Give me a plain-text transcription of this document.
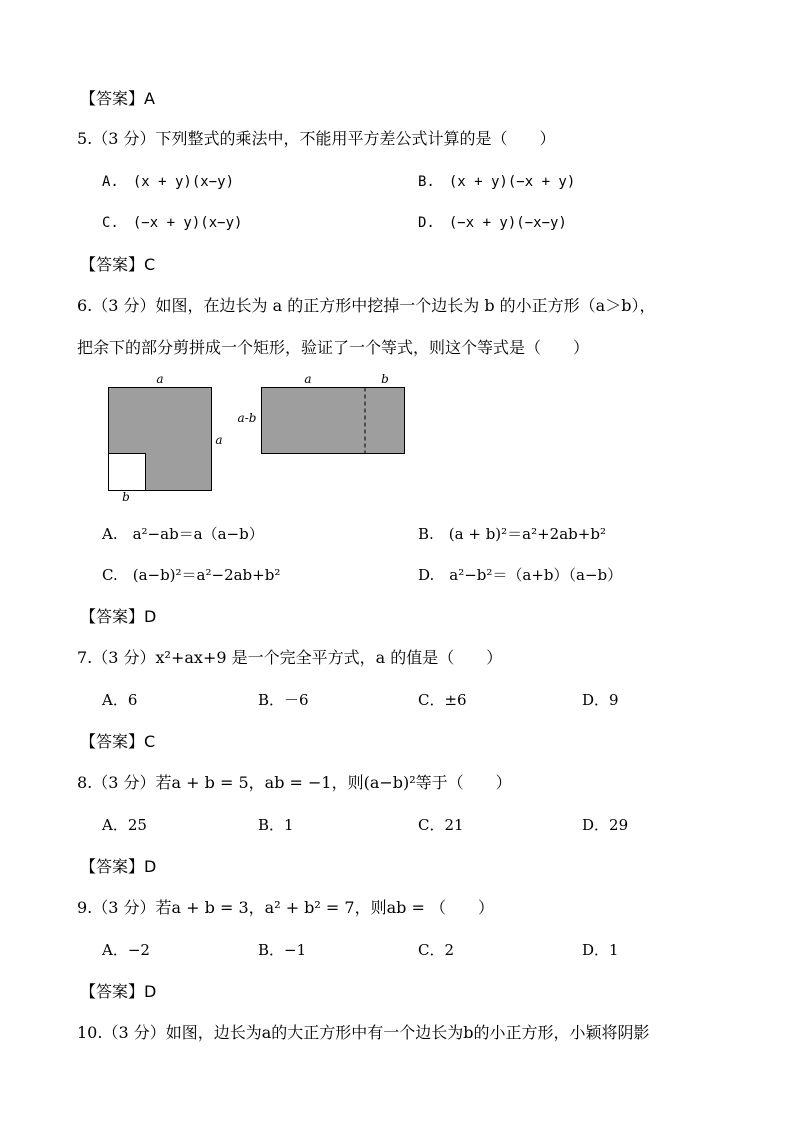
【答案】A
5.（3 分）下列整式的乘法中，不能用平方差公式计算的是（　　）
A.　(x + y)(x−y)	B.　(x + y)(−x + y)
C.　(−x + y)(x−y)	D.　(−x + y)(−x−y)
【答案】C
6.（3 分）如图，在边长为 a 的正方形中挖掉一个边长为 b 的小正方形（a＞b），
把余下的部分剪拼成一个矩形，验证了一个等式，则这个等式是（　　）
a
a
b
a	b
a-b
A.　a²−ab＝a（a−b）	B.　(a + b)²＝a²+2ab+b²
C.　(a−b)²＝a²−2ab+b²	D.　a²−b²＝（a+b）（a−b）
【答案】D
7.（3 分）x²+ax+9 是一个完全平方式，a 的值是（　　）
A．6	B．－6	C．±6	D．9
【答案】C
8.（3 分）若a + b = 5，ab = −1，则(a−b)²等于（　　）
A．25	B．1	C．21	D．29
【答案】D
9.（3 分）若a + b = 3，a² + b² = 7，则ab = （　　）
A．−2	B．−1	C．2	D．1
【答案】D
10.（3 分）如图，边长为a的大正方形中有一个边长为b的小正方形，小颖将阴影
